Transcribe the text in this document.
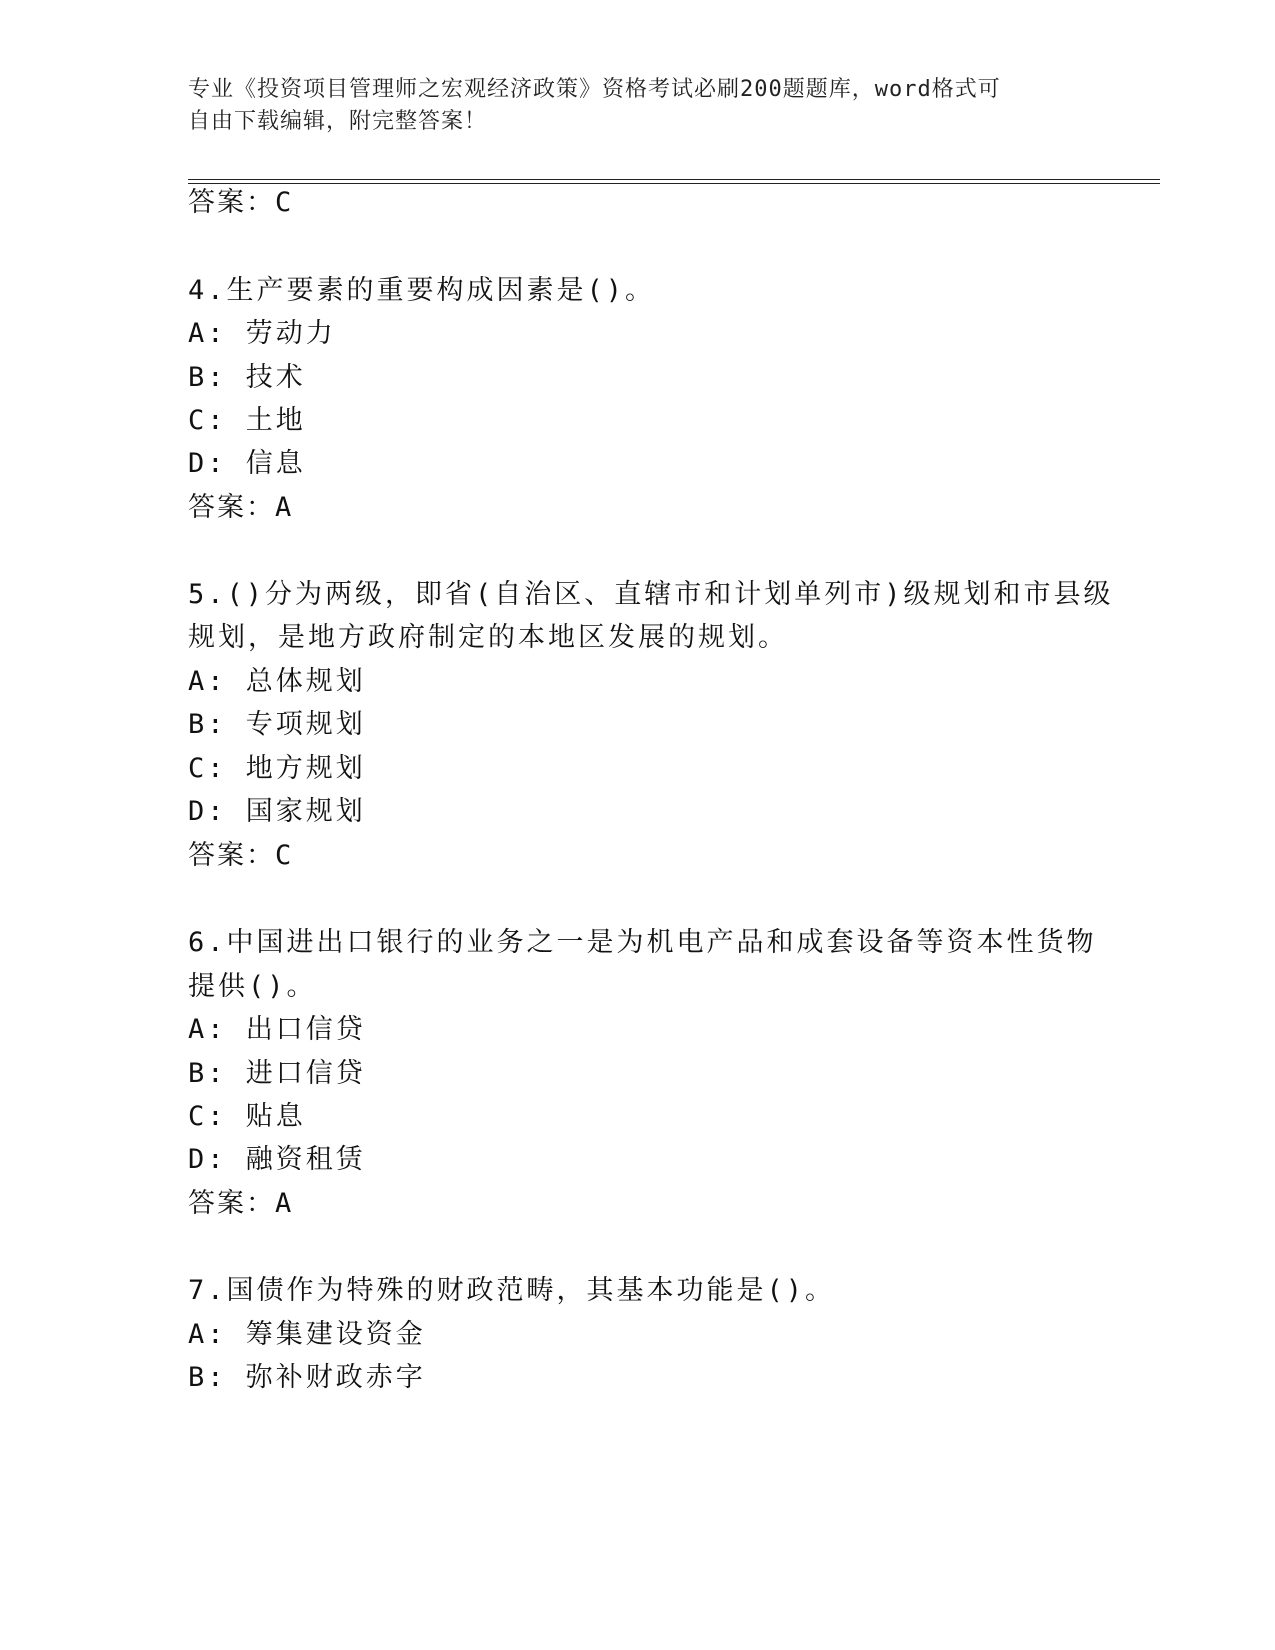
专业《投资项目管理师之宏观经济政策》资格考试必刷200题题库，word格式可
自由下载编辑，附完整答案！
答案：C
4.生产要素的重要构成因素是()。
A: 劳动力
B: 技术
C: 土地
D: 信息
答案：A
5.()分为两级，即省(自治区、直辖市和计划单列市)级规划和市县级
规划，是地方政府制定的本地区发展的规划。
A: 总体规划
B: 专项规划
C: 地方规划
D: 国家规划
答案：C
6.中国进出口银行的业务之一是为机电产品和成套设备等资本性货物
提供()。
A: 出口信贷
B: 进口信贷
C: 贴息
D: 融资租赁
答案：A
7.国债作为特殊的财政范畴，其基本功能是()。
A: 筹集建设资金
B: 弥补财政赤字
